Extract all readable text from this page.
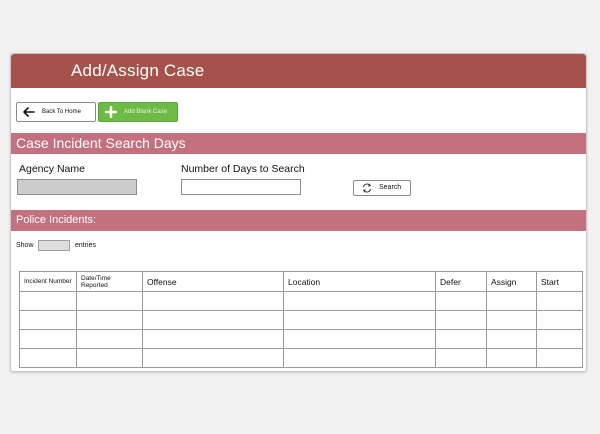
Add/Assign Case
Back To Home	Add Blank Case
Case Incident Search Days
Agency Name	Number of Days to Search
Search
Police Incidents:
Show	entries
Incident Number	Date/Time Reported	Offense	Location	Defer	Assign	Start
